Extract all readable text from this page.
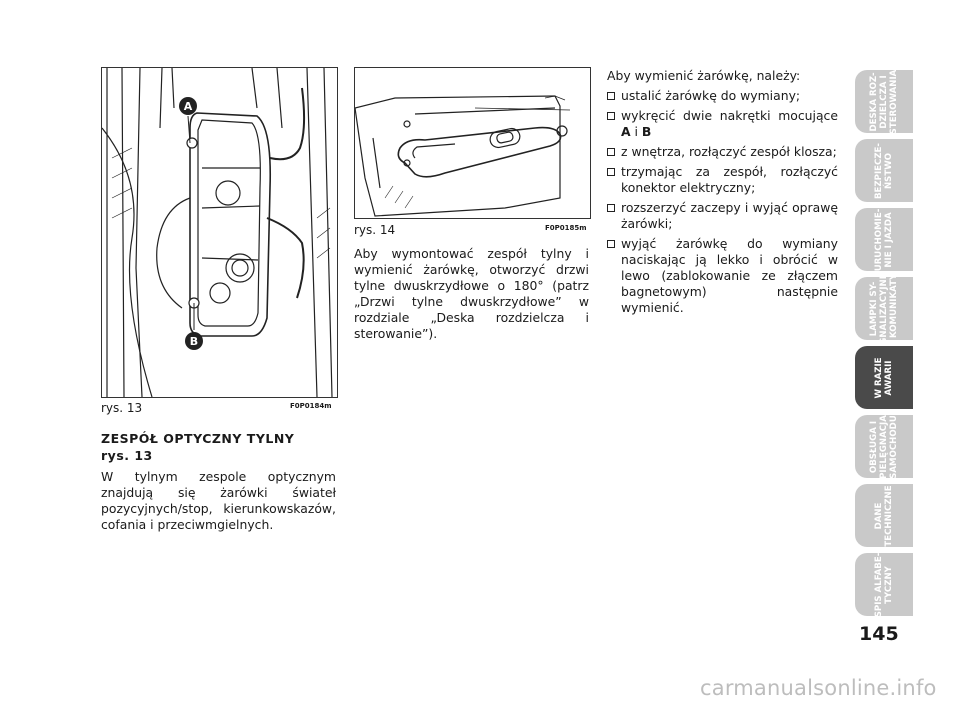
A
B
rys. 13	F0P0184m
ZESPÓŁ OPTYCZNY TYLNY
rys. 13
W tylnym zespole optycznym znajdują się żarówki świateł pozycyjnych/stop, kierunkowskazów, cofania i przeciwmgielnych.
rys. 14	F0P0185m
Aby wymontować zespół tylny i wymienić żarówkę, otworzyć drzwi tylne dwuskrzydłowe o 180° (patrz „Drzwi tylne dwuskrzydłowe” w rozdziale „Deska rozdzielcza i sterowanie”).
Aby wymienić żarówkę, należy:
ustalić żarówkę do wymiany;
wykręcić dwie nakrętki mocujące A i B
z wnętrza, rozłączyć zespół klosza;
trzymając za zespół, rozłączyć konektor elektryczny;
rozszerzyć zaczepy i wyjąć oprawę żarówki;
wyjąć żarówkę do wymiany naciskając ją lekko i obrócić w lewo (zablokowanie ze złączem bagnetowym) następnie wymienić.
DESKA ROZ-
DZIELCZA I
STEROWANIA
BEZPIECZE-
ŃSTWO
URUCHOMIE-
NIE I JAZDA
LAMPKI SY-
GNALIZACYJNE
I KOMUNIKATY
W RAZIE
AWARII
OBSŁUGA I
PIELĘGNACJA
SAMOCHODU
DANE
TECHNICZNE
SPIS ALFABE-
TYCZNY
145
carmanualsonline.info
